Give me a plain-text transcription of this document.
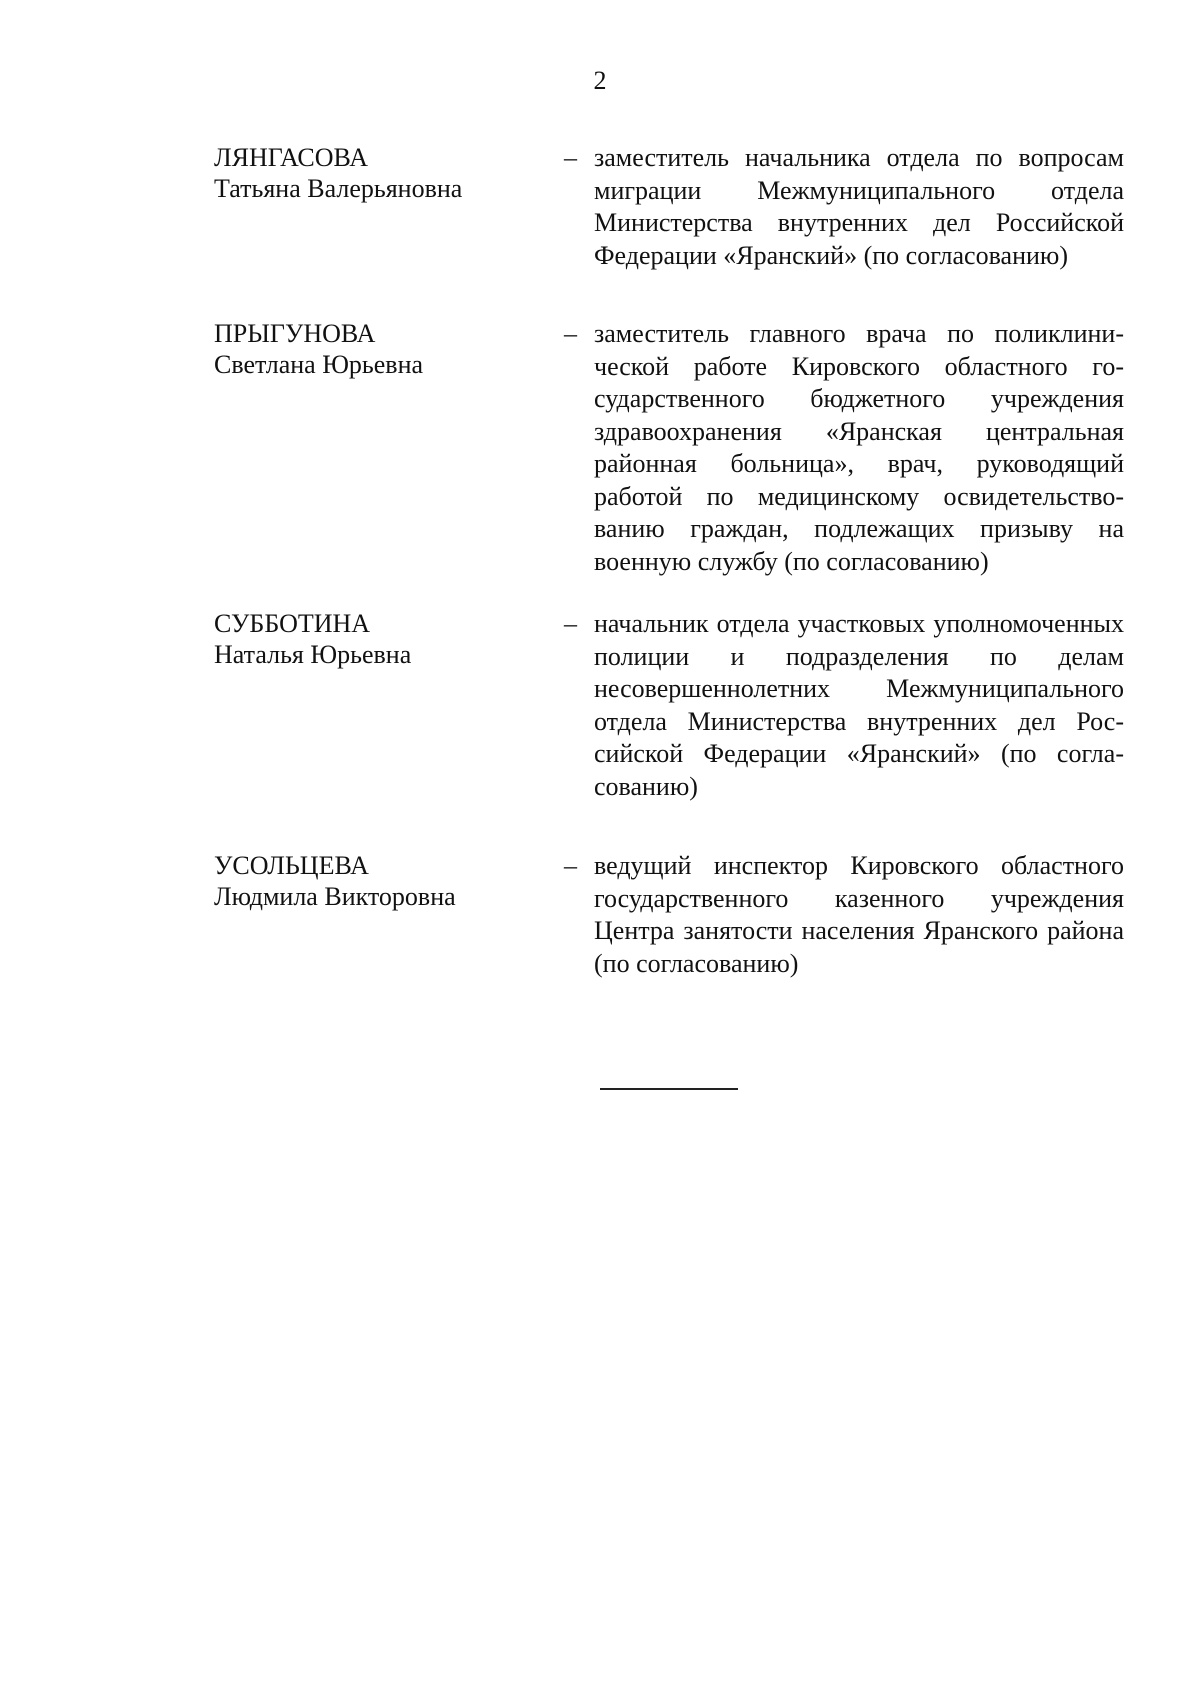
2
ЛЯНГАСОВА
Татьяна Валерьяновна
– заместитель начальника отдела по вопросам миграции Межмуниципального отдела Министерства внутренних дел Российской Федерации «Яранский» (по согласованию)
ПРЫГУНОВА
Светлана Юрьевна
– заместитель главного врача по поликлинической работе Кировского областного государственного бюджетного учреждения здравоохранения «Яранская центральная районная больница», врач, руководящий работой по медицинскому освидетельствованию граждан, подлежащих призыву на военную службу (по согласованию)
СУББОТИНА
Наталья Юрьевна
– начальник отдела участковых уполномоченных полиции и подразделения по делам несовершеннолетних Межмуниципального отдела Министерства внутренних дел Российской Федерации «Яранский» (по согласованию)
УСОЛЬЦЕВА
Людмила Викторовна
– ведущий инспектор Кировского областного государственного казенного учреждения Центра занятости населения Яранского района (по согласованию)
